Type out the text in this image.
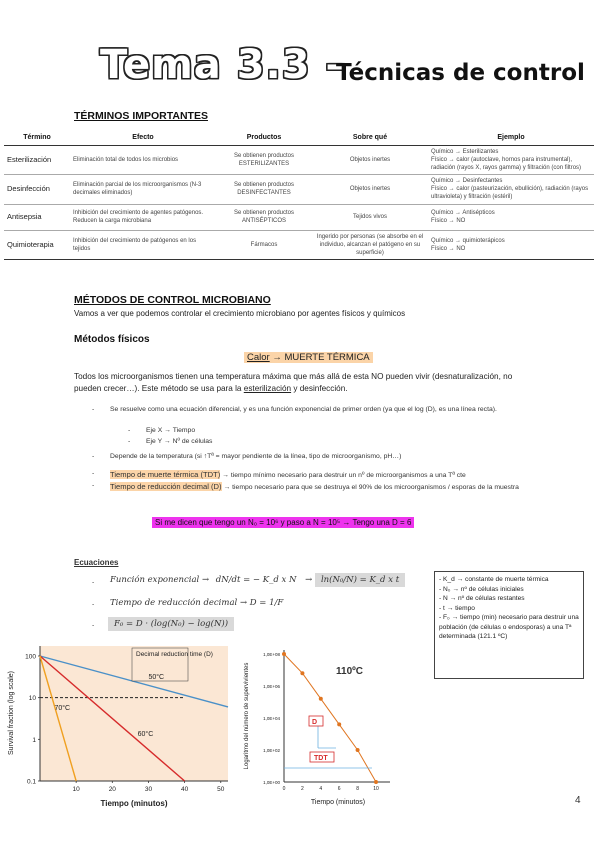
Tema 3.3 –
Técnicas de control
TÉRMINOS IMPORTANTES
Término	Efecto	Productos	Sobre qué	Ejemplo
Esterilización	Eliminación total de todos los microbios	Se obtienen productos ESTERILIZANTES	Objetos inertes	Químico → Esterilizantes
Físico → calor (autoclave, hornos para instrumental), radiación (rayos X, rayos gamma) y filtración (con filtros)

Desinfección	Eliminación parcial de los microorganismos (N-3 decimales eliminados)	Se obtienen productos DESINFECTANTES	Objetos inertes	Químico → Desinfectantes
Físico → calor (pasteurización, ebullición), radiación (rayos ultravioleta) y filtración (estéril)

Antisepsia	Inhibición del crecimiento de agentes patógenos. Reducen la carga microbiana	Se obtienen productos ANTISÉPTICOS	Tejidos vivos	Químico → Antisépticos
Físico → NO

Quimioterapia	Inhibición del crecimiento de patógenos en los tejidos	Fármacos	Ingerido por personas (se absorbe en el individuo, alcanzan el patógeno en su superficie)	Químico → quimioterápicos
Físico → NO
MÉTODOS DE CONTROL MICROBIANO
Vamos a ver que podemos controlar el crecimiento microbiano por agentes físicos y químicos
Métodos físicos
Calor → MUERTE TÉRMICA
Todos los microorganismos tienen una temperatura máxima que más allá de esta NO pueden vivir (desnaturalización, no pueden crecer…). Este método se usa para la esterilización y desinfección.
- Se resuelve como una ecuación diferencial, y es una función exponencial de primer orden (ya que el log (D), es una línea recta).
- Eje X → Tiempo
- Eje Y → Nº de células
- Depende de la temperatura (si ↑Tª = mayor pendiente de la línea, tipo de microorganismo, pH…)
- Tiempo de muerte térmica (TDT) → tiempo mínimo necesario para destruir un nº de microorganismos a una Tª cte
- Tiempo de reducción decimal (D) → tiempo necesario para que se destruya el 90% de los microorganismos / esporas de la muestra
Si me dicen que tengo un N₀ = 10⁶ y paso a N = 10⁵ → Tengo una D = 6
Ecuaciones
- Función exponencial → dN/dt = − K_d x N → ln(N₀/N) = K_d x t
- Tiempo de reducción decimal → D = 1/F
-	F₀ = D · (log(N₀) − log(N))
- K_d → constante de muerte térmica
- N₀ → nº de células iniciales
- N → nº de células restantes
- t → tiempo
- F₀ → tiempo (min) necesario para destruir una población (de células o endosporas) a una Tª determinada (121.1 ºC)
100
10
1
0.1
10	20	30	40	50
Decimal reduction time (D)
50°C
60°C
70°C
Survival fraction (log scale)
Tiempo (minutos)
1,0E+08
1,0E+06
1,0E+04
1,0E+02
1,0E+00
0	2	4	6	8	10
D
TDT
110ºC
Logaritmo del número de supervivientes
Tiempo (minutos)	4
